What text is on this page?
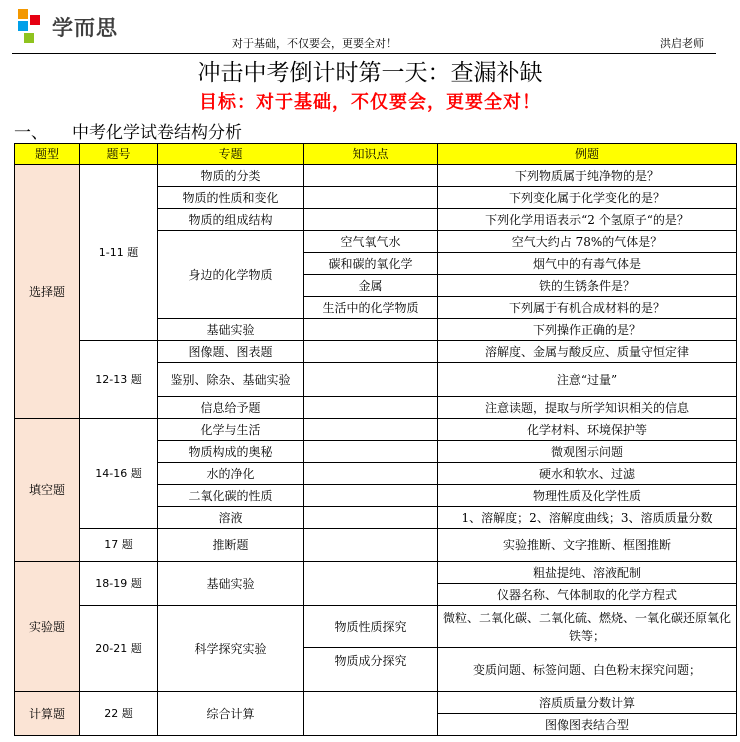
学而思
对于基础，不仅要会，更要全对！	洪启老师
冲击中考倒计时第一天：查漏补缺
目标：对于基础，不仅要会，更要全对！
一、 中考化学试卷结构分析
题型	题号	专题	知识点	例题
选择题	1-11 题	物质的分类		下列物质属于纯净物的是？
		物质的性质和变化		下列变化属于化学变化的是？
		物质的组成结构		下列化学用语表示“2 个氢原子“的是？
		身边的化学物质	空气氧气水	空气大约占 78%的气体是？
			碳和碳的氧化学	烟气中的有毒气体是
			金属	铁的生锈条件是？
			生活中的化学物质	下列属于有机合成材料的是？
		基础实验		下列操作正确的是？
	12-13 题	图像题、图表题		溶解度、金属与酸反应、质量守恒定律
		鉴别、除杂、基础实验		注意“过量”
		信息给予题		注意读题，提取与所学知识相关的信息
填空题	14-16 题	化学与生活		化学材料、环境保护等
		物质构成的奥秘		微观图示问题
		水的净化		硬水和软水、过滤
		二氧化碳的性质		物理性质及化学性质
		溶液		1、溶解度；2、溶解度曲线；3、溶质质量分数
	17 题	推断题		实验推断、文字推断、框图推断
实验题	18-19 题	基础实验		粗盐提纯、溶液配制
				仪器名称、气体制取的化学方程式
	20-21 题	科学探究实验	物质性质探究	微粒、二氧化碳、二氧化硫、燃烧、一氧化碳还原氧化铁等；
			物质成分探究	变质问题、标签问题、白色粉末探究问题；
计算题	22 题	综合计算		溶质质量分数计算
				图像图表结合型
